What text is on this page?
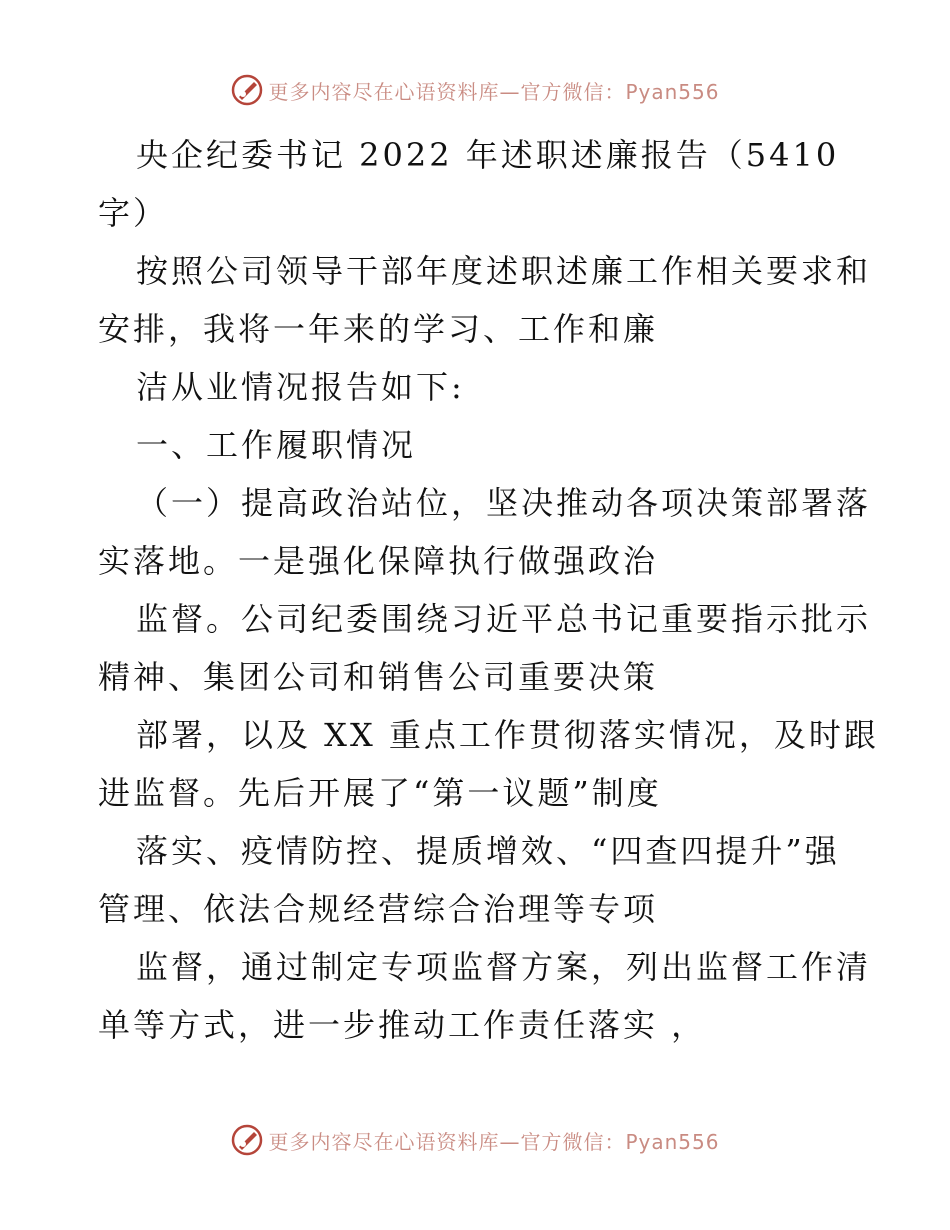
更多内容尽在心语资料库—官方微信：Pyan556

央企纪委书记 2022 年述职述廉报告（5410

字）

按照公司领导干部年度述职述廉工作相关要求和

安排，我将一年来的学习、工作和廉

洁从业情况报告如下:

一、工作履职情况

（一）提高政治站位，坚决推动各项决策部署落

实落地。一是强化保障执行做强政治

监督。公司纪委围绕习近平总书记重要指示批示

精神、集团公司和销售公司重要决策

部署，以及 XX 重点工作贯彻落实情况，及时跟

进监督。先后开展了“第一议题”制度

落实、疫情防控、提质增效、“四查四提升”强

管理、依法合规经营综合治理等专项

监督，通过制定专项监督方案，列出监督工作清

单等方式，进一步推动工作责任落实 ，

更多内容尽在心语资料库—官方微信：Pyan556
